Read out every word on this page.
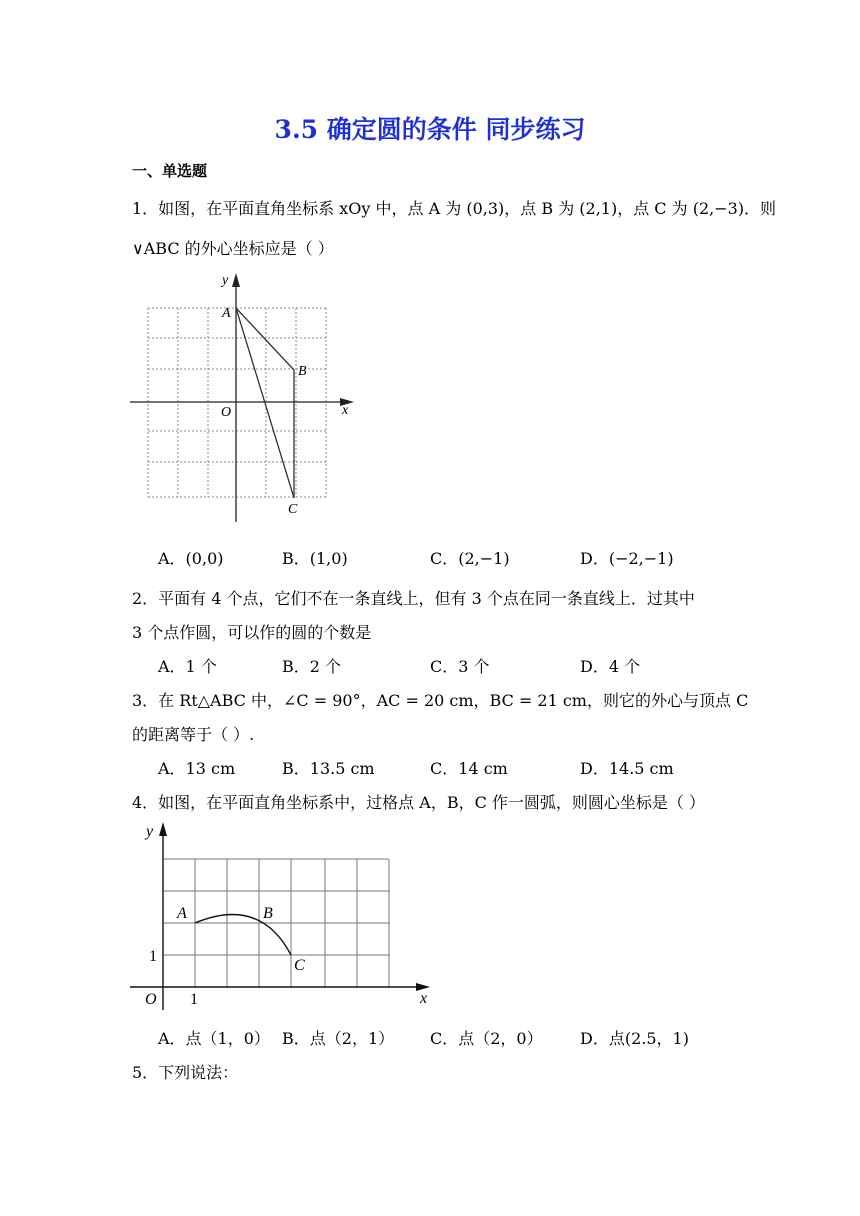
3.5 确定圆的条件 同步练习
一、单选题
1．如图，在平面直角坐标系 xOy 中，点 A 为 (0,3)，点 B 为 (2,1)，点 C 为 (2,−3)．则
∨ABC 的外心坐标应是（ ）
y
x
O
A
B
C
A．(0,0)	B．(1,0)	C．(2,−1)	D．(−2,−1)
2．平面有 4 个点，它们不在一条直线上，但有 3 个点在同一条直线上．过其中
3 个点作圆，可以作的圆的个数是
A．1 个	B．2 个	C．3 个	D．4 个
3．在 Rt△ABC 中，∠C = 90°，AC = 20 cm，BC = 21 cm，则它的外心与顶点 C
的距离等于（ ）.
A．13 cm	B．13.5 cm	C．14 cm	D．14.5 cm
4．如图，在平面直角坐标系中，过格点 A，B，C 作一圆弧，则圆心坐标是（ ）
y
x
O 1
1
A	B
C
A．点（1，0） B．点（2，1） C．点（2，0） D．点(2.5，1)
5．下列说法：
